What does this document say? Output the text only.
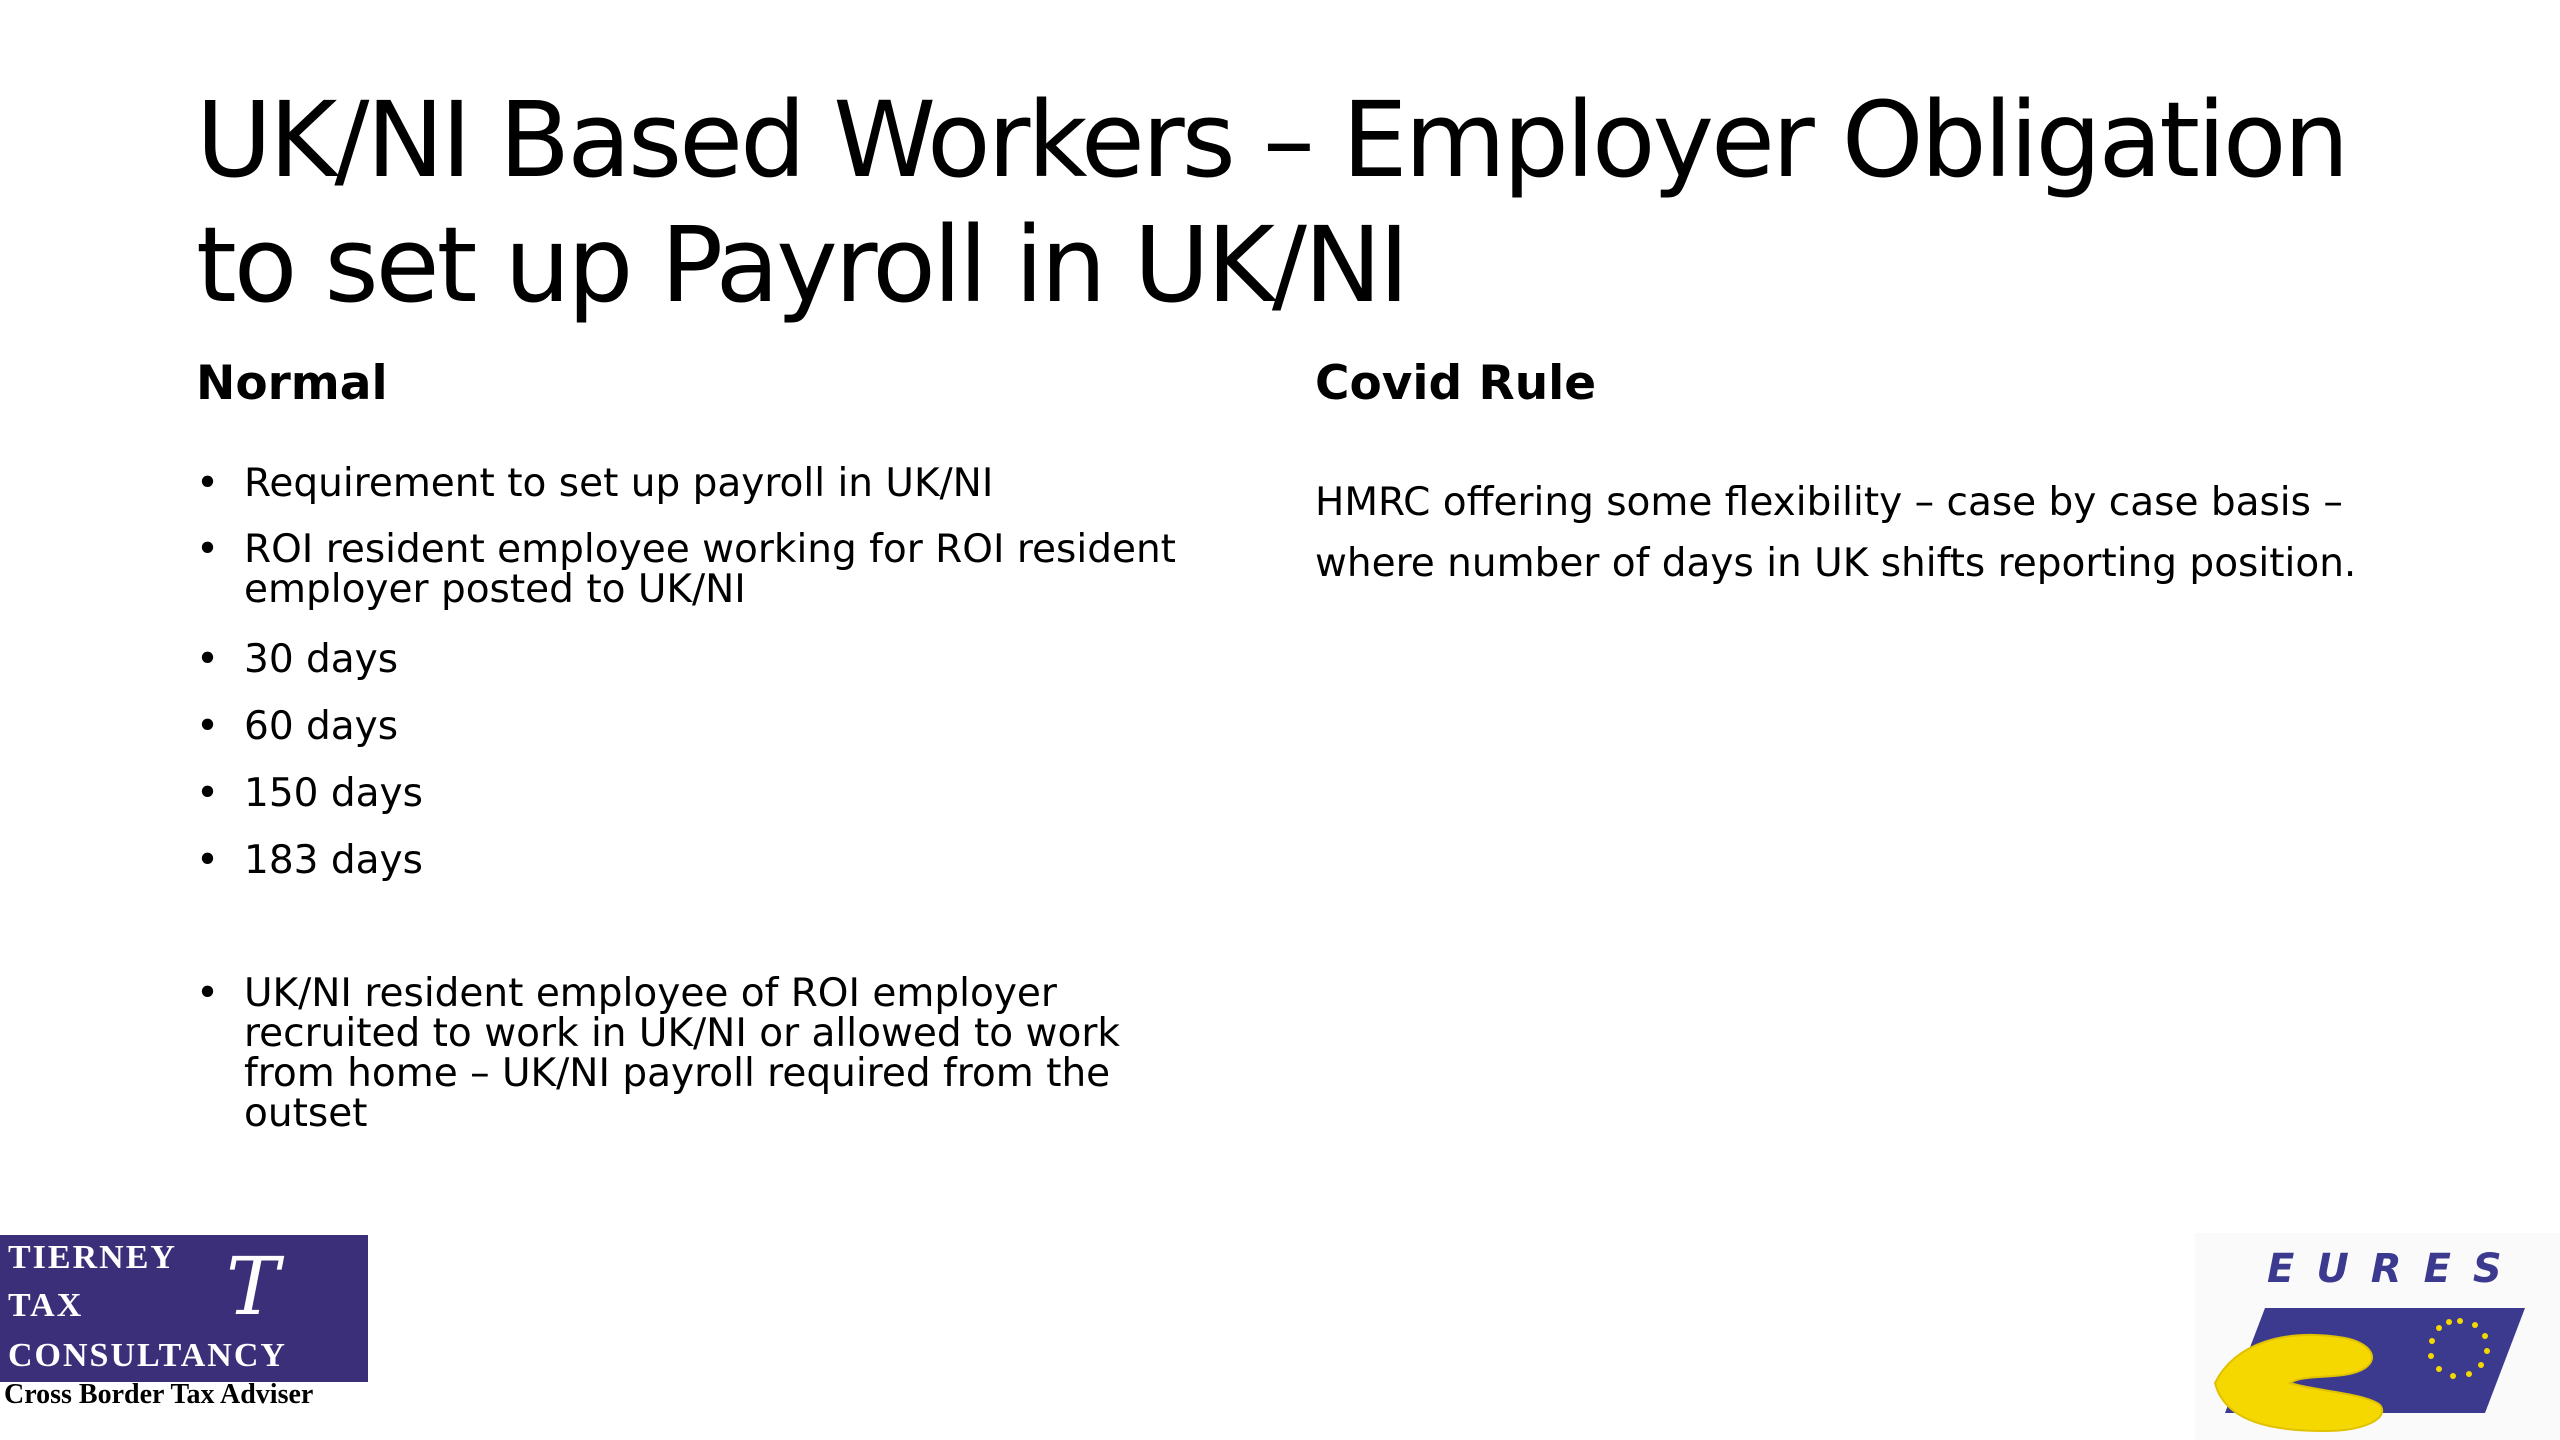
UK/NI Based Workers – Employer Obligation to set up Payroll in UK/NI
Normal
• Requirement to set up payroll in UK/NI
• ROI resident employee working for ROI resident employer posted to UK/NI
• 30 days
• 60 days
• 150 days
• 183 days
• UK/NI resident employee of ROI employer recruited to work in UK/NI or allowed to work from home – UK/NI payroll required from the outset
Covid Rule

HMRC offering some flexibility – case by case basis – where number of days in UK shifts reporting position.

TIERNEY
TAX
CONSULTANCY
T
Cross Border Tax Adviser
EURES
